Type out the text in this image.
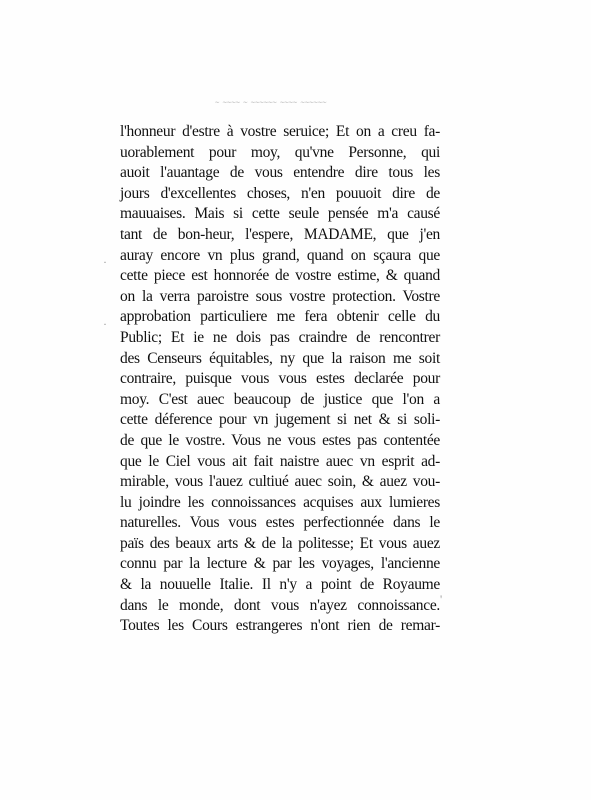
˜ ˜˜˜˜ ˜ ˜˜˜˜˜˜ ˜˜˜˜ ˜˜˜˜˜˜
·
·
'
l'honneur d'estre à vostre seruice; Et on a creu fa-
uorablement pour moy, qu'vne Personne, qui
auoit l'auantage de vous entendre dire tous les
jours d'excellentes choses, n'en pouuoit dire de
mauuaises. Mais si cette seule pensée m'a causé
tant de bon-heur, l'espere, MADAME, que j'en
auray encore vn plus grand, quand on sçaura que
cette piece est honnorée de vostre estime, & quand
on la verra paroistre sous vostre protection. Vostre
approbation particuliere me fera obtenir celle du
Public; Et ie ne dois pas craindre de rencontrer
des Censeurs équitables, ny que la raison me soit
contraire, puisque vous vous estes declarée pour
moy. C'est auec beaucoup de justice que l'on a
cette déference pour vn jugement si net & si soli-
de que le vostre. Vous ne vous estes pas contentée
que le Ciel vous ait fait naistre auec vn esprit ad-
mirable, vous l'auez cultiué auec soin, & auez vou-
lu joindre les connoissances acquises aux lumieres
naturelles. Vous vous estes perfectionnée dans le
païs des beaux arts & de la politesse; Et vous auez
connu par la lecture & par les voyages, l'ancienne
& la nouuelle Italie. Il n'y a point de Royaume
dans le monde, dont vous n'ayez connoissance.
Toutes les Cours estrangeres n'ont rien de remar-
